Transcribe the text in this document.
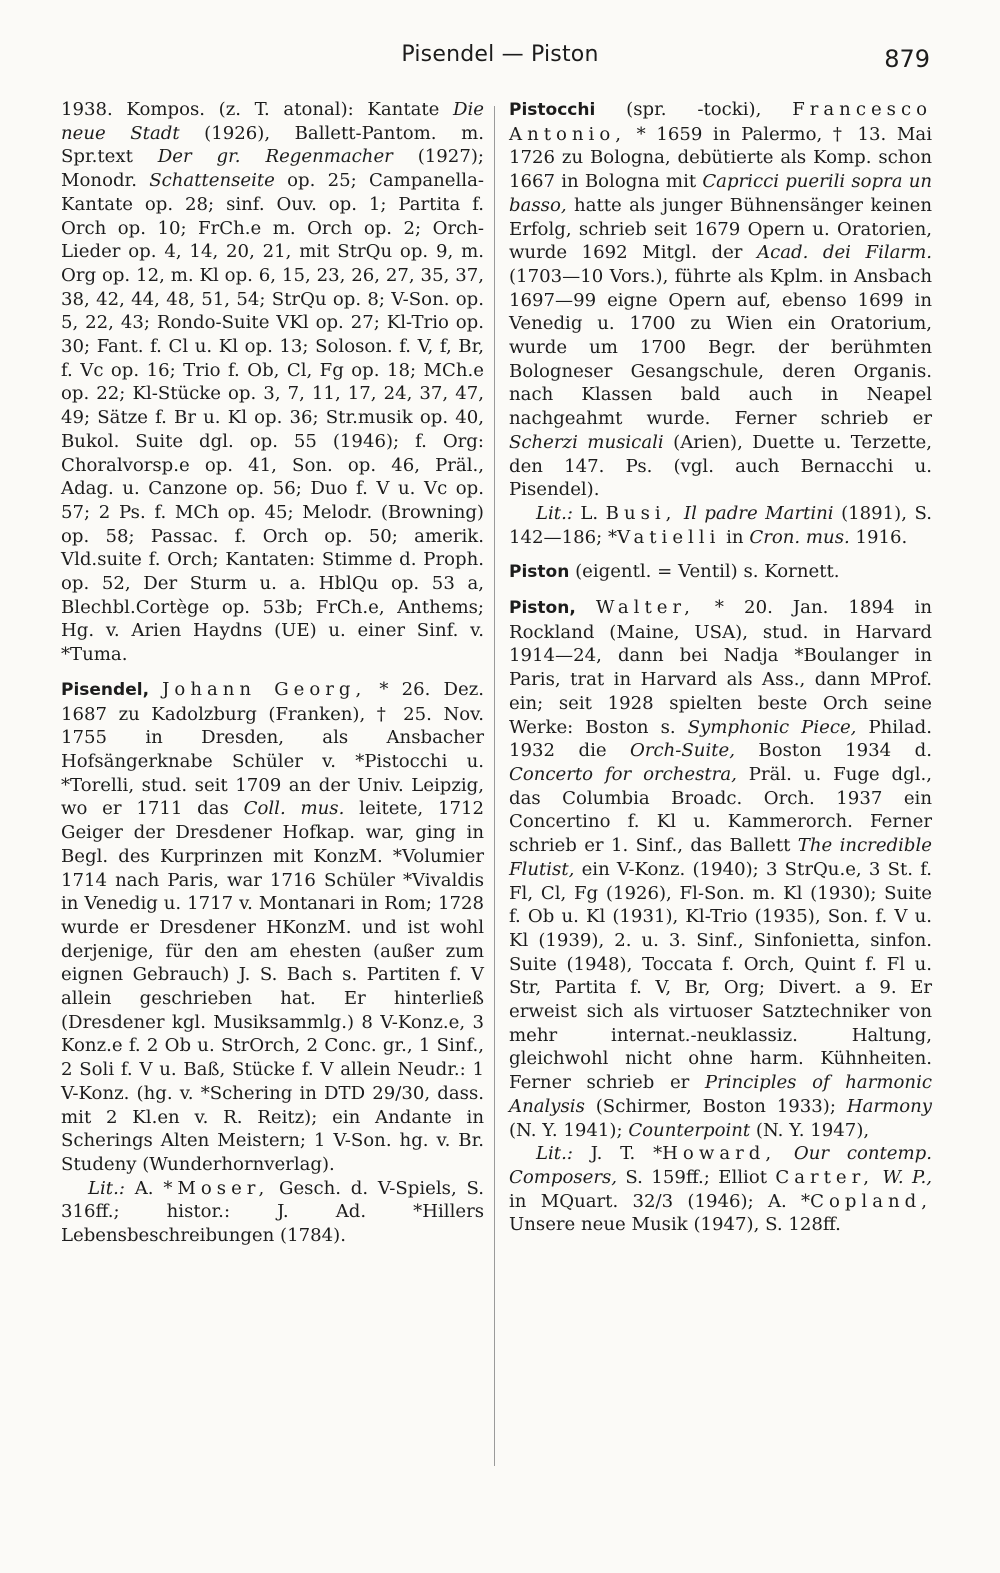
Pisendel — Piston	879

1938. Kompos. (z. T. atonal): Kantate Die neue Stadt (1926), Ballett-Pantom. m. Spr.text Der gr. Regenmacher (1927); Monodr. Schattenseite op. 25; Campanella-Kantate op. 28; sinf. Ouv. op. 1; Partita f. Orch op. 10; FrCh.e m. Orch op. 2; Orch-Lieder op. 4, 14, 20, 21, mit StrQu op. 9, m. Org op. 12, m. Kl op. 6, 15, 23, 26, 27, 35, 37, 38, 42, 44, 48, 51, 54; StrQu op. 8; V-Son. op. 5, 22, 43; Rondo-Suite VKl op. 27; Kl-Trio op. 30; Fant. f. Cl u. Kl op. 13; Soloson. f. V, f, Br, f. Vc op. 16; Trio f. Ob, Cl, Fg op. 18; MCh.e op. 22; Kl-Stücke op. 3, 7, 11, 17, 24, 37, 47, 49; Sätze f. Br u. Kl op. 36; Str.musik op. 40, Bukol. Suite dgl. op. 55 (1946); f. Org: Choralvorsp.e op. 41, Son. op. 46, Präl., Adag. u. Canzone op. 56; Duo f. V u. Vc op. 57; 2 Ps. f. MCh op. 45; Melodr. (Browning) op. 58; Passac. f. Orch op. 50; amerik. Vld.suite f. Orch; Kantaten: Stimme d. Proph. op. 52, Der Sturm u. a. HblQu op. 53 a, Blechbl.Cortège op. 53b; FrCh.e, Anthems; Hg. v. Arien Haydns (UE) u. einer Sinf. v. *Tuma.

Pisendel, Johann Georg, * 26. Dez. 1687 zu Kadolzburg (Franken), † 25. Nov. 1755 in Dresden, als Ansbacher Hofsängerknabe Schüler v. *Pistocchi u. *Torelli, stud. seit 1709 an der Univ. Leipzig, wo er 1711 das Coll. mus. leitete, 1712 Geiger der Dresdener Hofkap. war, ging in Begl. des Kurprinzen mit KonzM. *Volumier 1714 nach Paris, war 1716 Schüler *Vivaldis in Venedig u. 1717 v. Montanari in Rom; 1728 wurde er Dresdener HKonzM. und ist wohl derjenige, für den am ehesten (außer zum eignen Gebrauch) J. S. Bach s. Partiten f. V allein geschrieben hat. Er hinterließ (Dresdener kgl. Musiksammlg.) 8 V-Konz.e, 3 Konz.e f. 2 Ob u. StrOrch, 2 Conc. gr., 1 Sinf., 2 Soli f. V u. Baß, Stücke f. V allein Neudr.: 1 V-Konz. (hg. v. *Schering in DTD 29/30, dass. mit 2 Kl.en v. R. Reitz); ein Andante in Scherings Alten Meistern; 1 V-Son. hg. v. Br. Studeny (Wunderhornverlag).

Lit.: A. *Moser, Gesch. d. V-Spiels, S. 316ff.; histor.: J. Ad. *Hillers Lebensbeschreibungen (1784).

Pistocchi (spr. -tocki), Francesco Antonio, * 1659 in Palermo, † 13. Mai 1726 zu Bologna, debütierte als Komp. schon 1667 in Bologna mit Capricci puerili sopra un basso, hatte als junger Bühnensänger keinen Erfolg, schrieb seit 1679 Opern u. Oratorien, wurde 1692 Mitgl. der Acad. dei Filarm. (1703—10 Vors.), führte als Kplm. in Ansbach 1697—99 eigne Opern auf, ebenso 1699 in Venedig u. 1700 zu Wien ein Oratorium, wurde um 1700 Begr. der berühmten Bolognеser Gesangschule, deren Organis. nach Klassen bald auch in Neapel nachgeahmt wurde. Ferner schrieb er Scherzi musicali (Arien), Duette u. Terzette, den 147. Ps. (vgl. auch Bernacchi u. Pisendel).

Lit.: L. Busi, Il padre Martini (1891), S. 142—186; *Vatielli in Cron. mus. 1916.

Piston (eigentl. = Ventil) s. Kornett.

Piston, Walter, * 20. Jan. 1894 in Rockland (Maine, USA), stud. in Harvard 1914—24, dann bei Nadja *Boulanger in Paris, trat in Harvard als Ass., dann MProf. ein; seit 1928 spielten beste Orch seine Werke: Boston s. Symphonic Piece, Philad. 1932 die Orch-Suite, Boston 1934 d. Concerto for orchestra, Präl. u. Fuge dgl., das Columbia Broadc. Orch. 1937 ein Concertino f. Kl u. Kammerorch. Ferner schrieb er 1. Sinf., das Ballett The incredible Flutist, ein V-Konz. (1940); 3 StrQu.e, 3 St. f. Fl, Cl, Fg (1926), Fl-Son. m. Kl (1930); Suite f. Ob u. Kl (1931), Kl-Trio (1935), Son. f. V u. Kl (1939), 2. u. 3. Sinf., Sinfonietta, sinfon. Suite (1948), Toccata f. Orch, Quint f. Fl u. Str, Partita f. V, Br, Org; Divert. a 9. Er erweist sich als virtuoser Satztechniker von mehr internat.-neuklassiz. Haltung, gleichwohl nicht ohne harm. Kühnheiten. Ferner schrieb er Principles of harmonic Analysis (Schirmer, Boston 1933); Harmony (N. Y. 1941); Counterpoint (N. Y. 1947),

Lit.: J. T. *Howard, Our contemp. Composers, S. 159ff.; Elliot Carter, W. P., in MQuart. 32/3 (1946); A. *Copland, Unsere neue Musik (1947), S. 128ff.
